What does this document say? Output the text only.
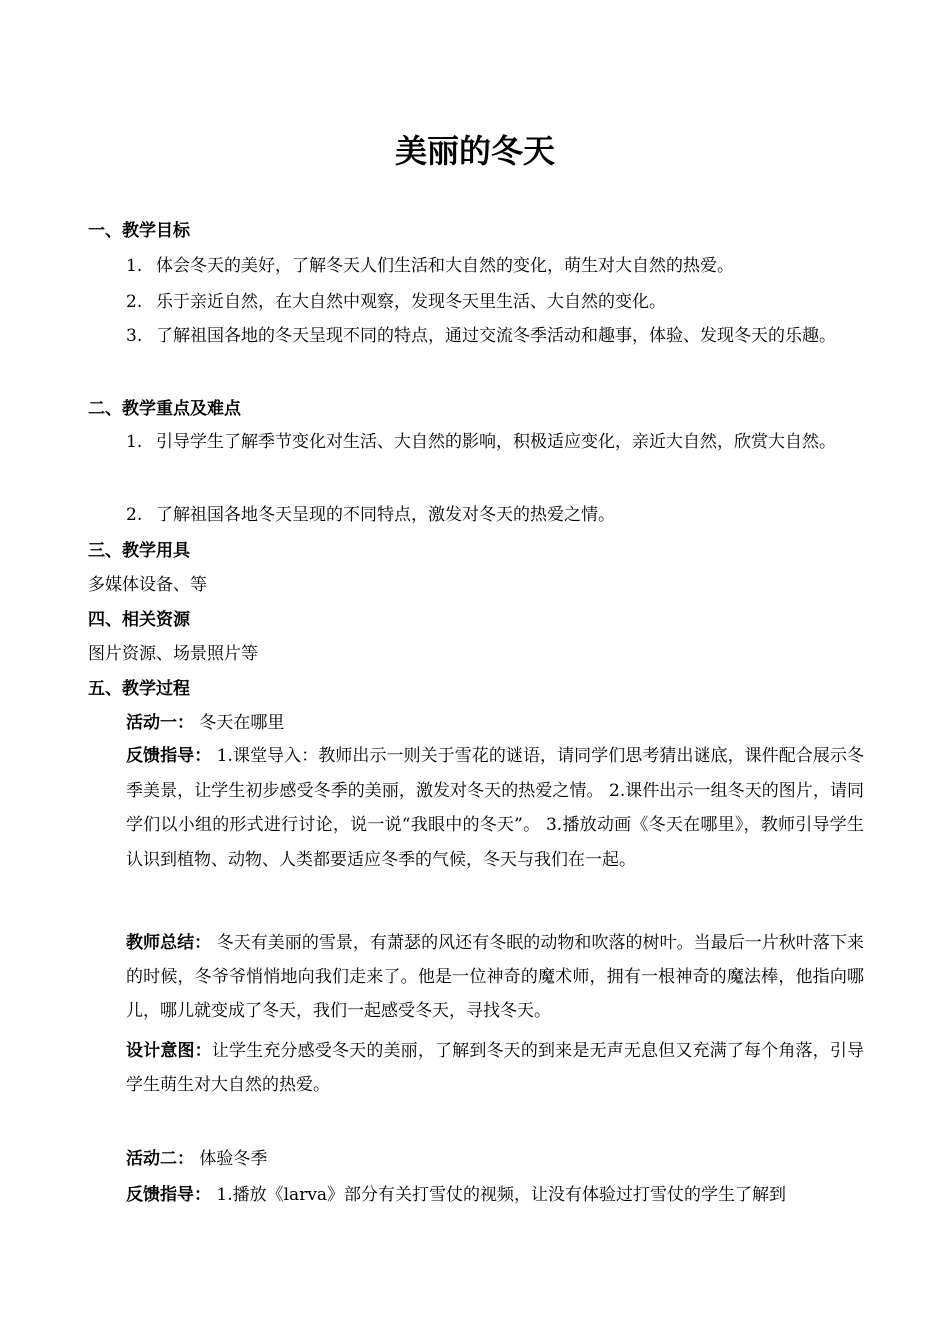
美丽的冬天
一、教学目标
1. 体会冬天的美好，了解冬天人们生活和大自然的变化，萌生对大自然的热爱。
2. 乐于亲近自然，在大自然中观察，发现冬天里生活、大自然的变化。
3. 了解祖国各地的冬天呈现不同的特点，通过交流冬季活动和趣事，体验、发现冬天的乐趣。
二、教学重点及难点
1. 引导学生了解季节变化对生活、大自然的影响，积极适应变化，亲近大自然，欣赏大自然。
2. 了解祖国各地冬天呈现的不同特点，激发对冬天的热爱之情。
三、教学用具
多媒体设备、等
四、相关资源
图片资源、场景照片等
五、教学过程
活动一： 冬天在哪里
反馈指导： 1.课堂导入：教师出示一则关于雪花的谜语，请同学们思考猜出谜底，课件配合展示冬季美景，让学生初步感受冬季的美丽，激发对冬天的热爱之情。 2.课件出示一组冬天的图片，请同学们以小组的形式进行讨论，说一说“我眼中的冬天”。 3.播放动画《冬天在哪里》，教师引导学生认识到植物、动物、人类都要适应冬季的气候，冬天与我们在一起。
教师总结： 冬天有美丽的雪景，有萧瑟的风还有冬眠的动物和吹落的树叶。当最后一片秋叶落下来的时候，冬爷爷悄悄地向我们走来了。他是一位神奇的魔术师，拥有一根神奇的魔法棒，他指向哪儿，哪儿就变成了冬天，我们一起感受冬天，寻找冬天。
设计意图：让学生充分感受冬天的美丽，了解到冬天的到来是无声无息但又充满了每个角落，引导学生萌生对大自然的热爱。
活动二： 体验冬季
反馈指导： 1.播放《larva》部分有关打雪仗的视频，让没有体验过打雪仗的学生了解到
